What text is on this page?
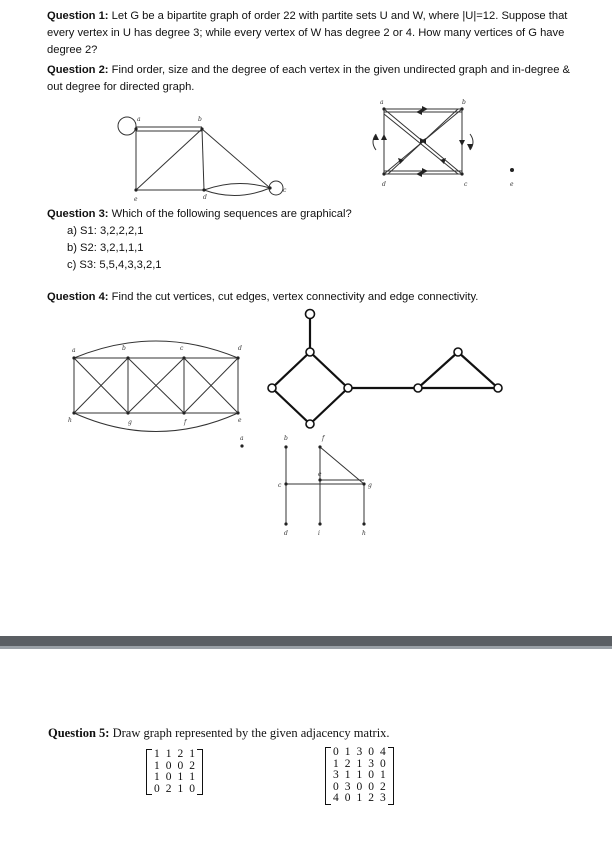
Question 1: Let G be a bipartite graph of order 22 with partite sets U and W, where |U|=12. Suppose that every vertex in U has degree 3; while every vertex of W has degree 2 or 4. How many vertices of G have degree 2?
Question 2: Find order, size and the degree of each vertex in the given undirected graph and in-degree & out degree for directed graph.
a	b
e	d
c
a	b
d	c	e
Question 3: Which of the following sequences are graphical?
a) S1: 3,2,2,2,1
b) S2: 3,2,1,1,1
c) S3: 5,5,4,3,3,2,1
Question 4: Find the cut vertices, cut edges, vertex connectivity and edge connectivity.
a	b	c	d
h	g	f	e
a	b	f
c
e
g
d	i	h
Question 5: Draw graph represented by the given adjacency matrix.
1	1	2	1
1	0	0	2
1	0	1	1
0	2	1	0
0	1	3	0	4
1	2	1	3	0
3	1	1	0	1
0	3	0	0	2
4	0	1	2	3
